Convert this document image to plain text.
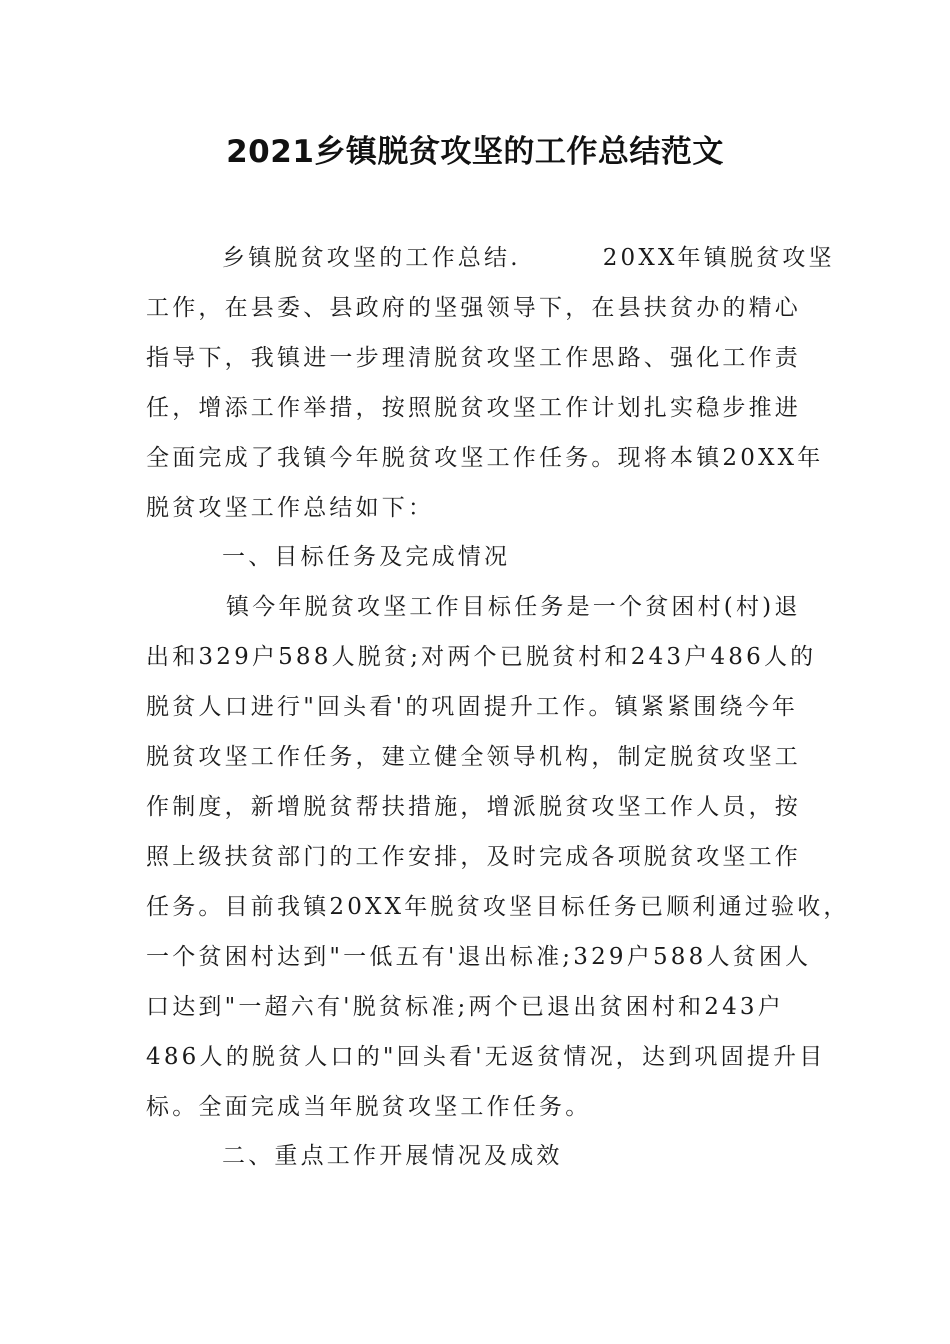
2021乡镇脱贫攻坚的工作总结范文
乡镇脱贫攻坚的工作总结.	20XX年镇脱贫攻坚
工作，在县委、县政府的坚强领导下，在县扶贫办的精心
指导下，我镇进一步理清脱贫攻坚工作思路、强化工作责
任，增添工作举措，按照脱贫攻坚工作计划扎实稳步推进
全面完成了我镇今年脱贫攻坚工作任务。现将本镇20XX年
脱贫攻坚工作总结如下：
一、目标任务及完成情况
镇今年脱贫攻坚工作目标任务是一个贫困村(村)退
出和329户588人脱贫;对两个已脱贫村和243户486人的
脱贫人口进行"回头看'的巩固提升工作。镇紧紧围绕今年
脱贫攻坚工作任务，建立健全领导机构，制定脱贫攻坚工
作制度，新增脱贫帮扶措施，增派脱贫攻坚工作人员，按
照上级扶贫部门的工作安排，及时完成各项脱贫攻坚工作
任务。目前我镇20XX年脱贫攻坚目标任务已顺利通过验收，
一个贫困村达到"一低五有'退出标准;329户588人贫困人
口达到"一超六有'脱贫标准;两个已退出贫困村和243户
486人的脱贫人口的"回头看'无返贫情况，达到巩固提升目
标。全面完成当年脱贫攻坚工作任务。
二、重点工作开展情况及成效
